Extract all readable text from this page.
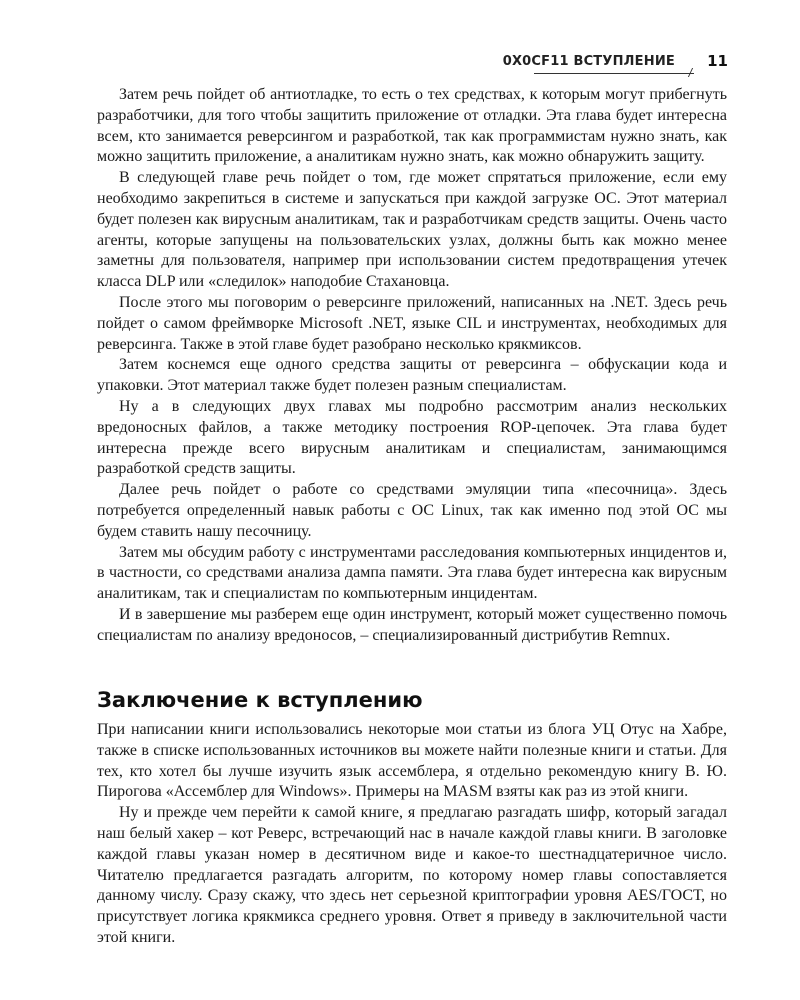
0X0CF11 ВСТУПЛЕНИЕ 11

Затем речь пойдет об антиотладке, то есть о тех средствах, к которым могут прибегнуть разработчики, для того чтобы защитить приложение от отладки. Эта глава будет интересна всем, кто занимается реверсингом и разработкой, так как программистам нужно знать, как можно защитить приложение, а аналитикам нужно знать, как можно обнаружить защиту.

В следующей главе речь пойдет о том, где может спрятаться приложение, если ему необходимо закрепиться в системе и запускаться при каждой загрузке ОС. Этот материал будет полезен как вирусным аналитикам, так и разработчикам средств защиты. Очень часто агенты, которые запущены на пользовательских узлах, должны быть как можно менее заметны для пользователя, например при использовании систем предотвращения утечек класса DLP или «следилок» наподобие Стахановца.

После этого мы поговорим о реверсинге приложений, написанных на .NET. Здесь речь пойдет о самом фреймворке Microsoft .NET, языке CIL и инструментах, необходимых для реверсинга. Также в этой главе будет разобрано несколько крякмиксов.

Затем коснемся еще одного средства защиты от реверсинга – обфускации кода и упаковки. Этот материал также будет полезен разным специалистам.

Ну а в следующих двух главах мы подробно рассмотрим анализ нескольких вредоносных файлов, а также методику построения ROP-цепочек. Эта глава будет интересна прежде всего вирусным аналитикам и специалистам, занимающимся разработкой средств защиты.

Далее речь пойдет о работе со средствами эмуляции типа «песочница». Здесь потребуется определенный навык работы с ОС Linux, так как именно под этой ОС мы будем ставить нашу песочницу.

Затем мы обсудим работу с инструментами расследования компьютерных инцидентов и, в частности, со средствами анализа дампа памяти. Эта глава будет интересна как вирусным аналитикам, так и специалистам по компьютерным инцидентам.

И в завершение мы разберем еще один инструмент, который может существенно помочь специалистам по анализу вредоносов, – специализированный дистрибутив Remnux.

Заключение к вступлению

При написании книги использовались некоторые мои статьи из блога УЦ Отус на Хабре, также в списке использованных источников вы можете найти полезные книги и статьи. Для тех, кто хотел бы лучше изучить язык ассемблера, я отдельно рекомендую книгу В. Ю. Пирогова «Ассемблер для Windows». Примеры на MASM взяты как раз из этой книги.

Ну и прежде чем перейти к самой книге, я предлагаю разгадать шифр, который загадал наш белый хакер – кот Реверс, встречающий нас в начале каждой главы книги. В заголовке каждой главы указан номер в десятичном виде и какое-то шестнадцатеричное число. Читателю предлагается разгадать алгоритм, по которому номер главы сопоставляется данному числу. Сразу скажу, что здесь нет серьезной криптографии уровня AES/ГОСТ, но присутствует логика крякмикса среднего уровня. Ответ я приведу в заключительной части этой книги.
